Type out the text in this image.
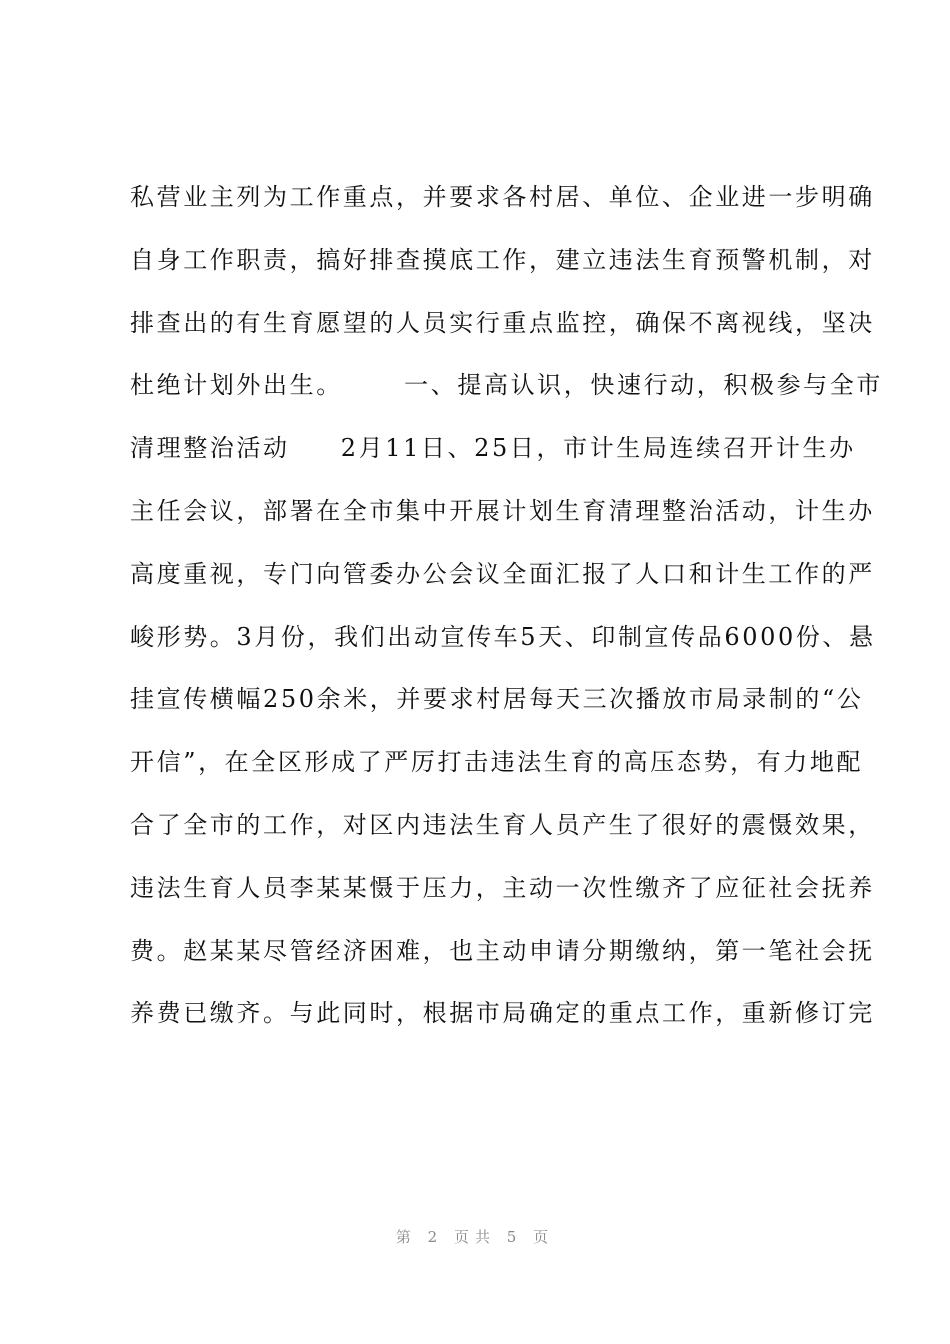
私营业主列为工作重点，并要求各村居、单位、企业进一步明确
自身工作职责，搞好排查摸底工作，建立违法生育预警机制，对
排查出的有生育愿望的人员实行重点监控，确保不离视线，坚决
杜绝计划外出生。      一、提高认识，快速行动，积极参与全市
清理整治活动     2月11日、25日，市计生局连续召开计生办
主任会议，部署在全市集中开展计划生育清理整治活动，计生办
高度重视，专门向管委办公会议全面汇报了人口和计生工作的严
峻形势。3月份，我们出动宣传车5天、印制宣传品6000份、悬
挂宣传横幅250余米，并要求村居每天三次播放市局录制的“公
开信”，在全区形成了严厉打击违法生育的高压态势，有力地配
合了全市的工作，对区内违法生育人员产生了很好的震慑效果，
违法生育人员李某某慑于压力，主动一次性缴齐了应征社会抚养
费。赵某某尽管经济困难，也主动申请分期缴纳，第一笔社会抚
养费已缴齐。与此同时，根据市局确定的重点工作，重新修订完
第 2 页共 5 页
